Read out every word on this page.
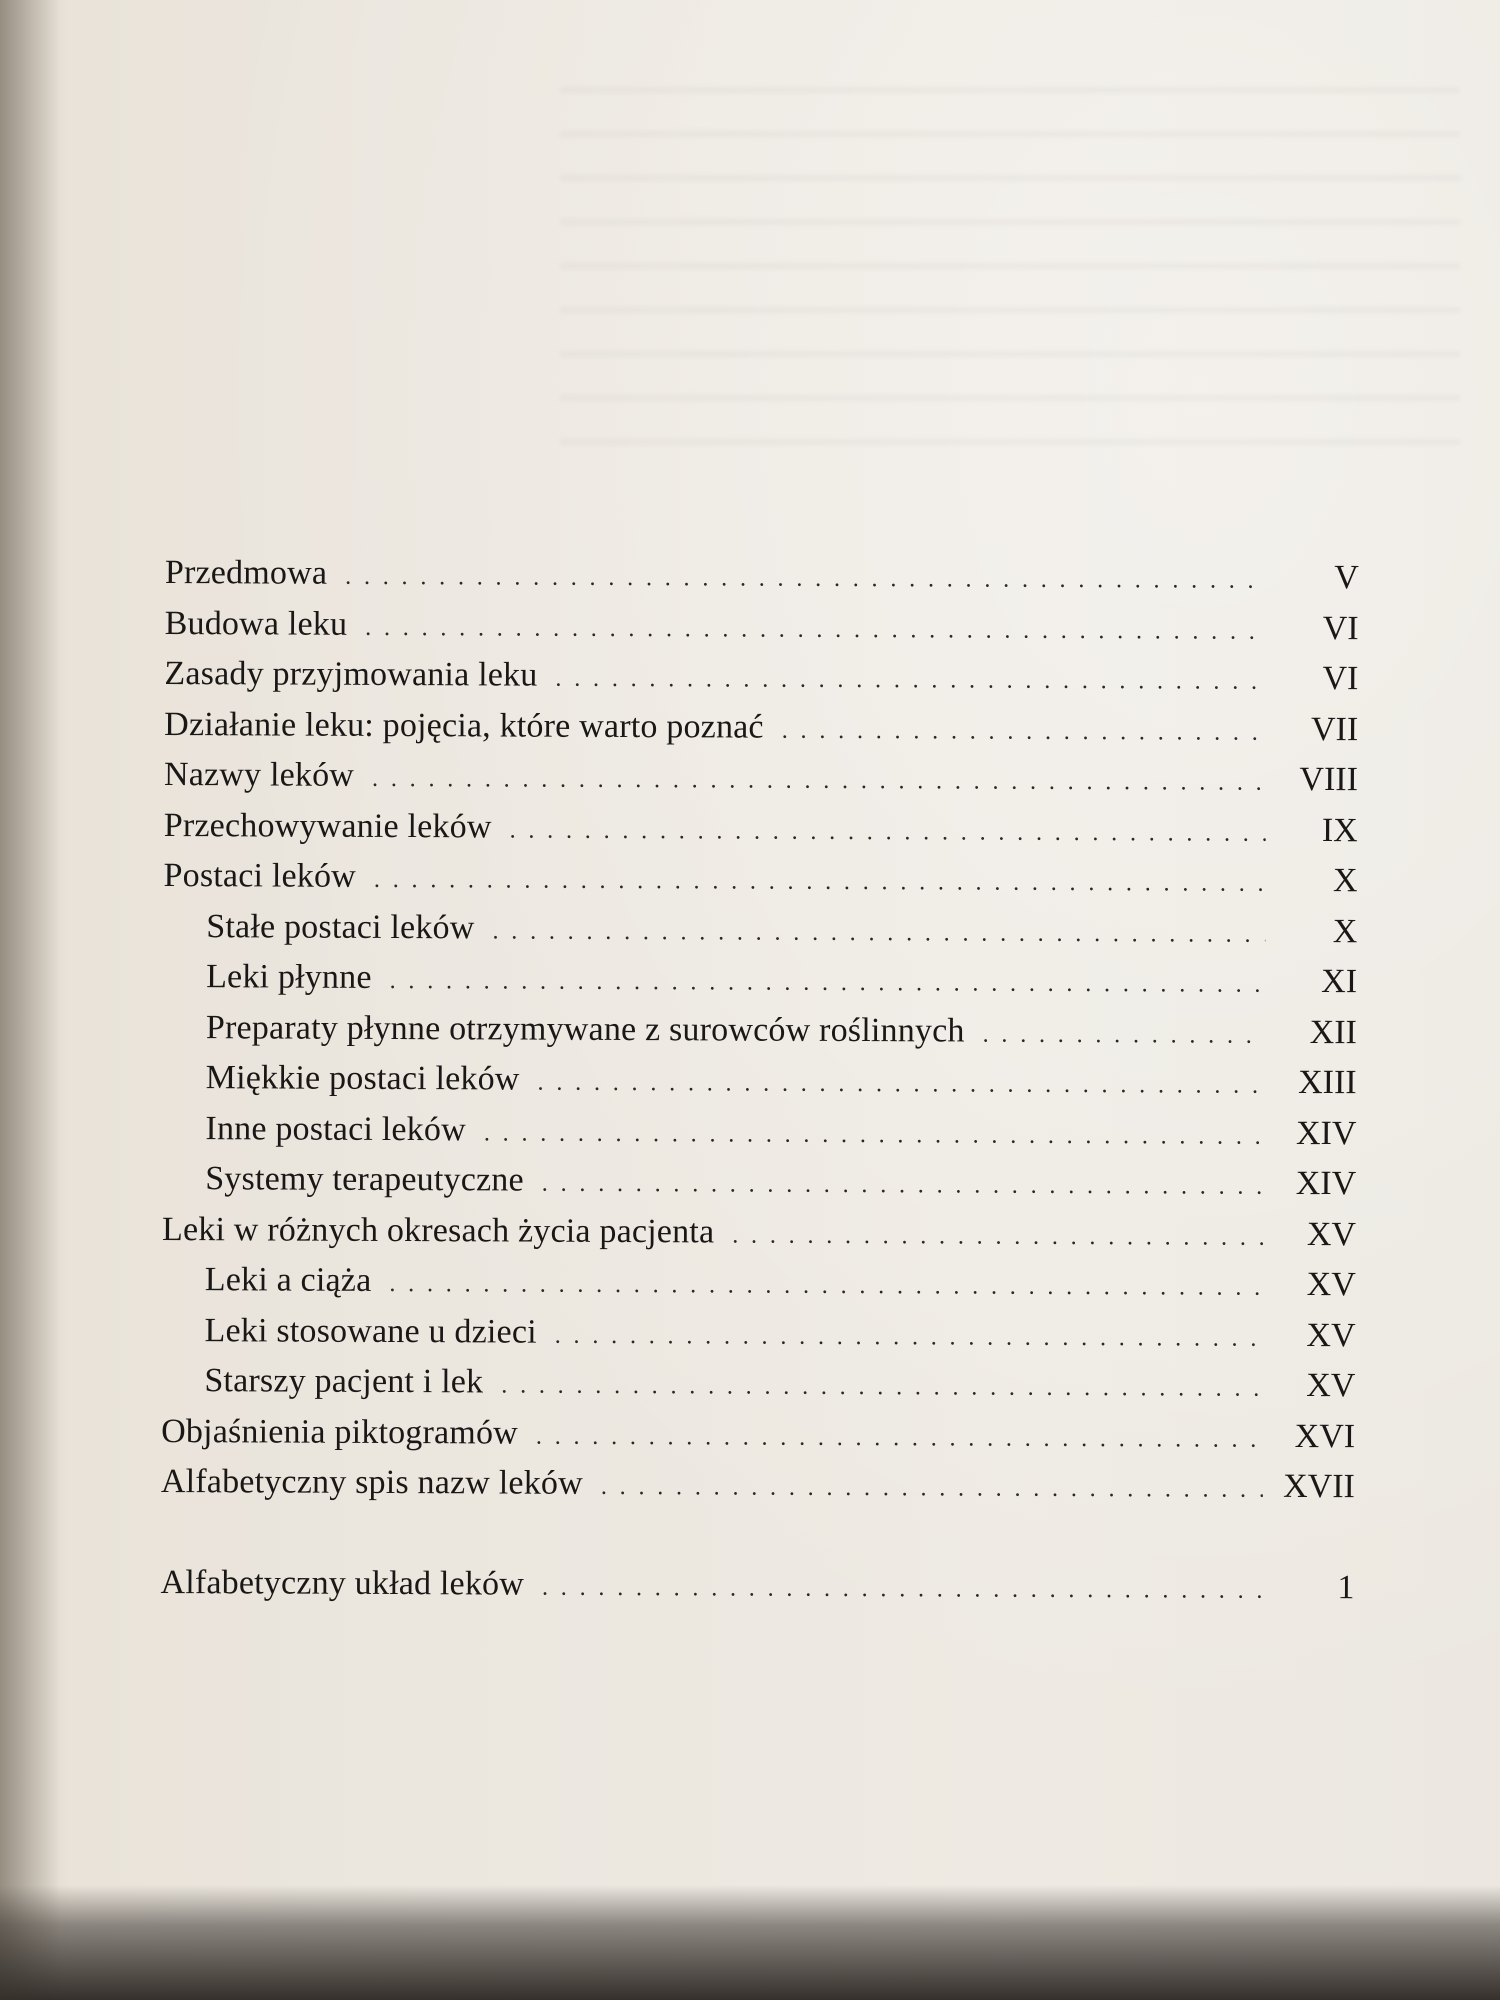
Przedmowa . . .	V
Budowa leku . . .	VI
Zasady przyjmowania leku . . .	VI
Działanie leku: pojęcia, które warto poznać . . .	VII
Nazwy leków . . .	VIII
Przechowywanie leków . . .	IX
Postaci leków . . .	X
Stałe postaci leków . . .	X
Leki płynne . . .	XI
Preparaty płynne otrzymywane z surowców roślinnych . . .	XII
Miękkie postaci leków . . .	XIII
Inne postaci leków . . .	XIV
Systemy terapeutyczne . . .	XIV
Leki w różnych okresach życia pacjenta . . .	XV
Leki a ciąża . . .	XV
Leki stosowane u dzieci . . .	XV
Starszy pacjent i lek . . .	XV
Objaśnienia piktogramów . . .	XVI
Alfabetyczny spis nazw leków . . .	XVII
Alfabetyczny układ leków . . .	1
